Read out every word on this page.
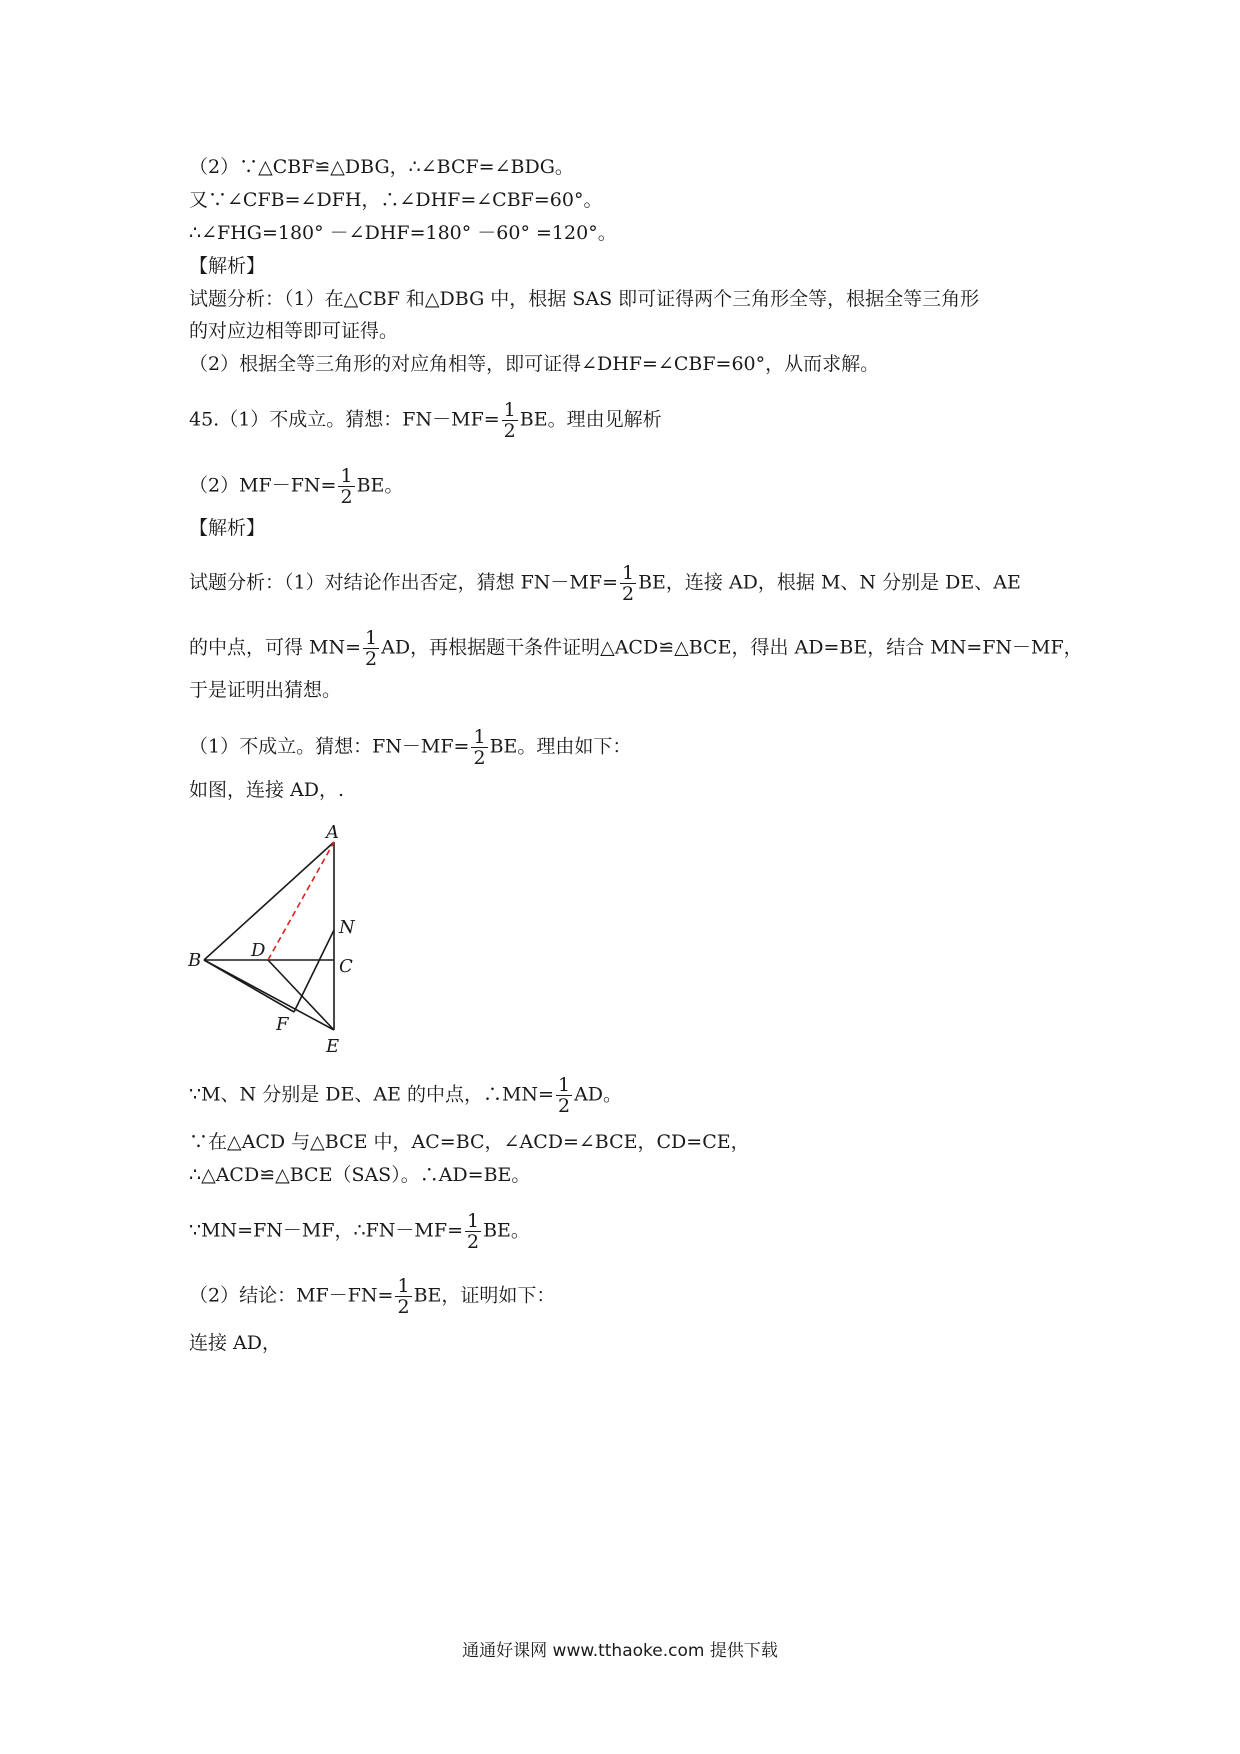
（2）∵△CBF≌△DBG，∴∠BCF=∠BDG。
又∵∠CFB=∠DFH，∴∠DHF=∠CBF=60°。
∴∠FHG=180° －∠DHF=180° －60° =120°。
【解析】
试题分析：（1）在△CBF 和△DBG 中，根据 SAS 即可证得两个三角形全等，根据全等三角形
的对应边相等即可证得。
（2）根据全等三角形的对应角相等，即可证得∠DHF=∠CBF=60°，从而求解。
45.（1）不成立。猜想：$FN-MF= \frac{1}{2}$ BE。理由见解析
$(2)MF-FN= \frac{1}{2}$ BE。
【解析】
试题分析：（1）对结论作出否定，猜想 $FN-MF= \frac{1}{2}$ BE，连接 AD，根据 M、N 分别是 DE、AE
的中点，可得 $MN= \frac{1}{2}$ AD，再根据题干条件证明△ACD≌△BCE，得出 AD=BE，结合 MN=FN－MF，
于是证明出猜想。
（1）不成立。猜想：$FN-MF= \frac{1}{2}$ BE。理由如下：
如图，连接 AD，.
A
B	C
D
E
F
N
∵M、N 分别是 DE、AE 的中点，∴MN= $\frac{1}{2}$ AD。
∵在△ACD 与△BCE 中，AC=BC，∠ACD=∠BCE，CD=CE，
∴△ACD≌△BCE（SAS）。∴AD=BE。
∵MN=FN－MF，∴FN－MF= $\frac{1}{2}$ BE。
（2）结论：$MF-FN= \frac{1}{2}$ BE，证明如下：
连接 AD，
通通好课网 www.tthaoke.com 提供下载
